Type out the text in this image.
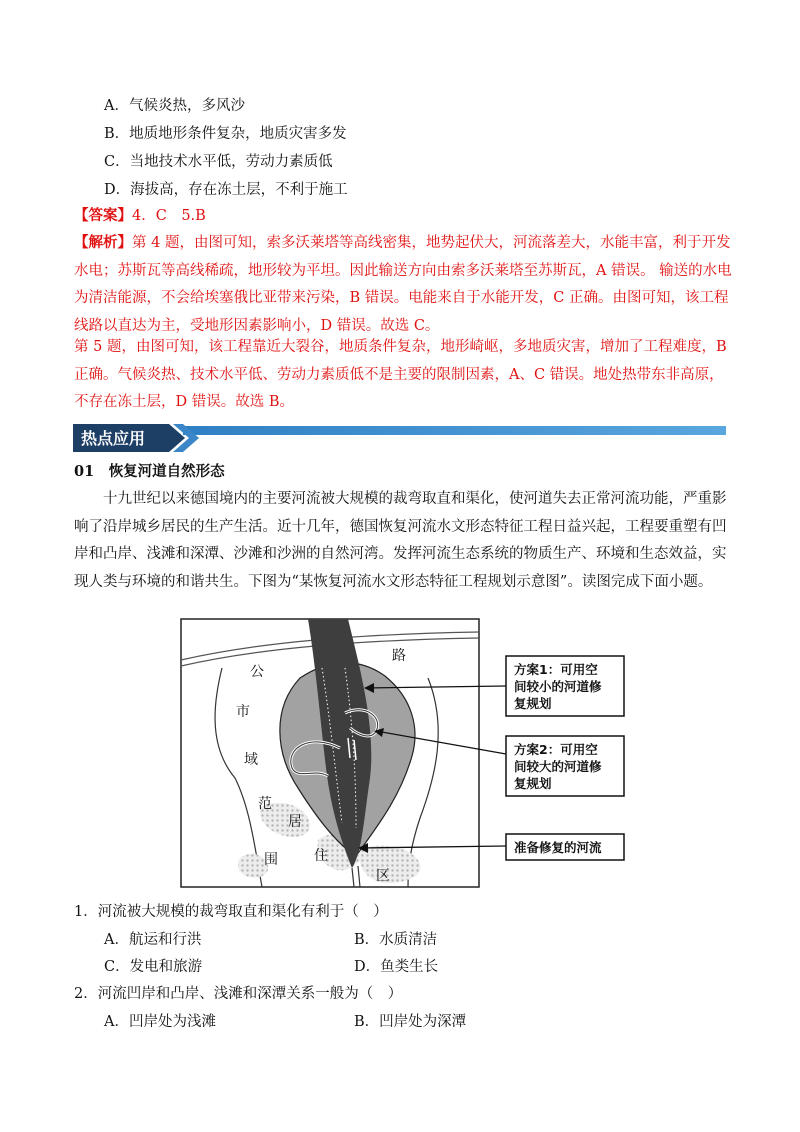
A．气候炎热，多风沙
B．地质地形条件复杂，地质灾害多发
C．当地技术水平低，劳动力素质低
D．海拔高，存在冻土层，不利于施工
【答案】4．C　5.B
【解析】第 4 题，由图可知，索多沃莱塔等高线密集，地势起伏大，河流落差大，水能丰富，利于开发水电；苏斯瓦等高线稀疏，地形较为平坦。因此输送方向由索多沃莱塔至苏斯瓦，A 错误。 输送的水电为清洁能源，不会给埃塞俄比亚带来污染，B 错误。电能来自于水能开发，C 正确。由图可知，该工程线路以直达为主，受地形因素影响小，D 错误。故选 C。
第 5 题，由图可知，该工程靠近大裂谷，地质条件复杂，地形崎岖，多地质灾害，增加了工程难度，B 正确。气候炎热、技术水平低、劳动力素质低不是主要的限制因素，A、C 错误。地处热带东非高原，不存在冻土层，D 错误。故选 B。
热点应用
01　 恢复河道自然形态
十九世纪以来德国境内的主要河流被大规模的裁弯取直和渠化，使河道失去正常河流功能，严重影响了沿岸城乡居民的生产生活。近十几年，德国恢复河流水文形态特征工程日益兴起，工程要重塑有凹岸和凸岸、浅滩和深潭、沙滩和沙洲的自然河湾。发挥河流生态系统的物质生产、环境和生态效益，实现人类与环境的和谐共生。下图为“某恢复河流水文形态特征工程规划示意图”。读图完成下面小题。
公
路
市
域
范
居
围	住
区
方案1：可用空
间较小的河道修
复规划
方案2：可用空
间较大的河道修
复规划
准备修复的河流
1．河流被大规模的裁弯取直和渠化有利于（　）
A．航运和行洪	B．水质清洁
C．发电和旅游	D．鱼类生长
2．河流凹岸和凸岸、浅滩和深潭关系一般为（　）
A．凹岸处为浅滩	B．凹岸处为深潭
